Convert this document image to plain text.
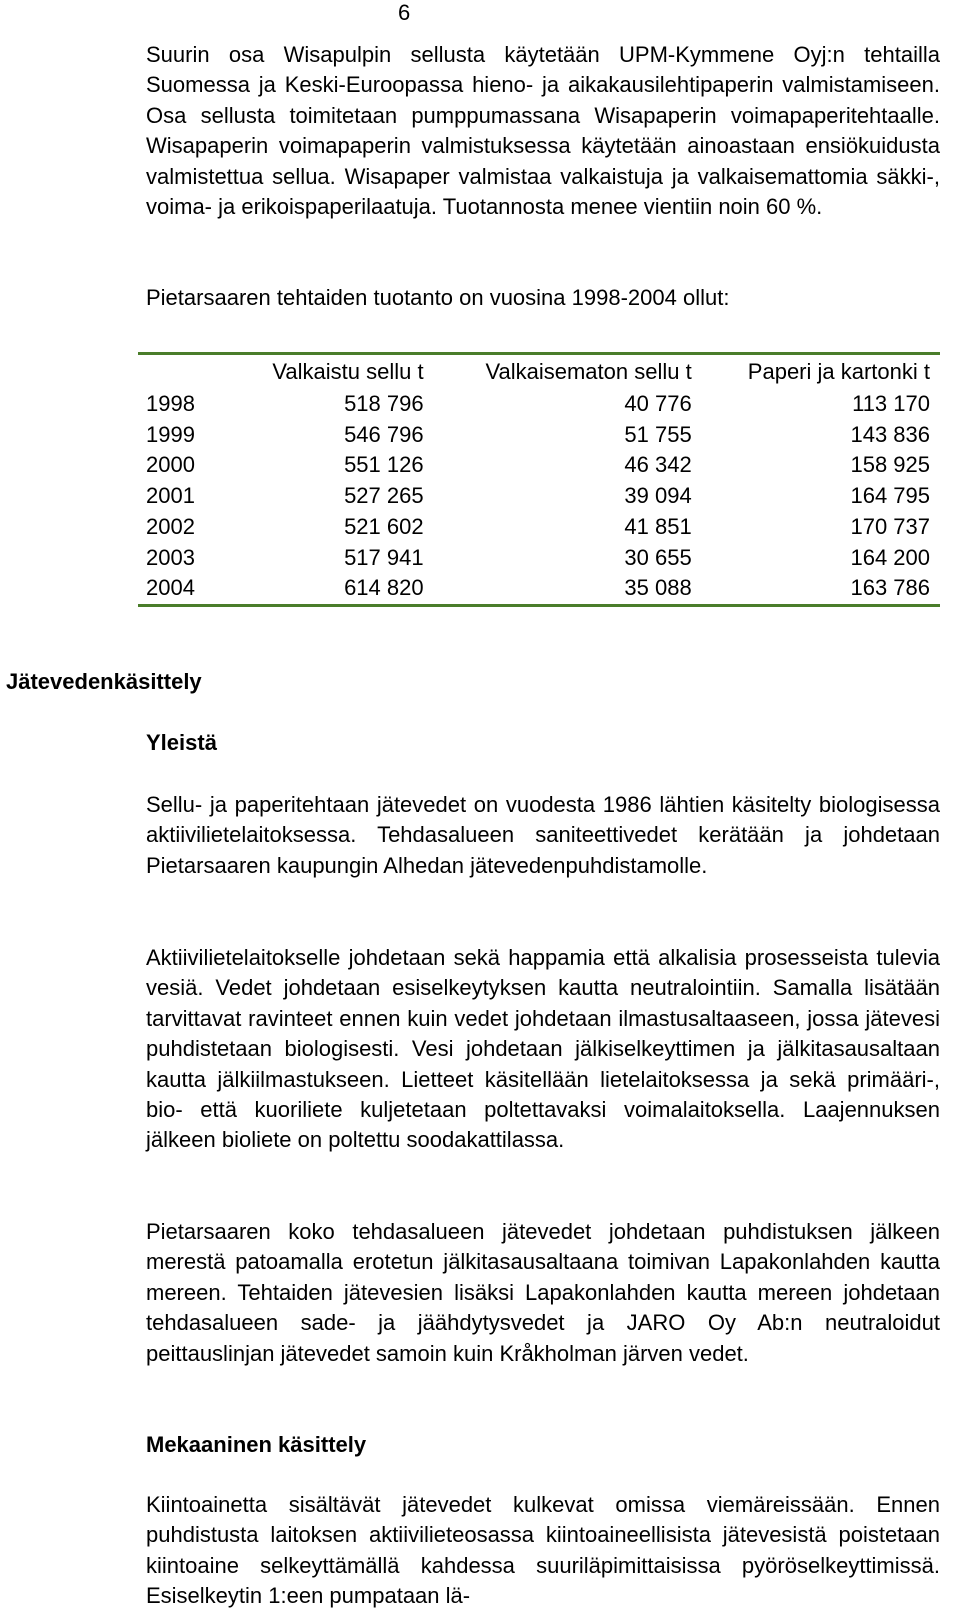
6

Suurin osa Wisapulpin sellusta käytetään UPM-Kymmene Oyj:n tehtailla Suomessa ja Keski-Euroopassa hieno- ja aikakausilehtipaperin valmistamiseen. Osa sellusta toimitetaan pumppumassana Wisapaperin voimapaperitehtaalle. Wisapaperin voimapaperin valmistuksessa käytetään ainoastaan ensiökuidusta valmistettua sellua. Wisapaper valmistaa valkaistuja ja valkaisemattomia säkki-, voima- ja erikoispaperilaatuja. Tuotannosta menee vientiin noin 60 %.

Pietarsaaren tehtaiden tuotanto on vuosina 1998-2004 ollut:

	Valkaistu sellu t	Valkaisematon sellu t	Paperi ja kartonki t
1998	518 796	40 776	113 170
1999	546 796	51 755	143 836
2000	551 126	46 342	158 925
2001	527 265	39 094	164 795
2002	521 602	41 851	170 737
2003	517 941	30 655	164 200
2004	614 820	35 088	163 786
Jätevedenkäsittely
Yleistä

Sellu- ja paperitehtaan jätevedet on vuodesta 1986 lähtien käsitelty biologisessa aktiivilietelaitoksessa. Tehdasalueen saniteettivedet kerätään ja johdetaan Pietarsaaren kaupungin Alhedan jätevedenpuhdistamolle.

Aktiivilietelaitokselle johdetaan sekä happamia että alkalisia prosesseista tulevia vesiä. Vedet johdetaan esiselkeytyksen kautta neutralointiin. Samalla lisätään tarvittavat ravinteet ennen kuin vedet johdetaan ilmastusaltaaseen, jossa jätevesi puhdistetaan biologisesti. Vesi johdetaan jälkiselkeyttimen ja jälkitasausaltaan kautta jälkiilmastukseen. Lietteet käsitellään lietelaitoksessa ja sekä primääri-, bio- että kuoriliete kuljetetaan poltettavaksi voimalaitoksella. Laajennuksen jälkeen bioliete on poltettu soodakattilassa.

Pietarsaaren koko tehdasalueen jätevedet johdetaan puhdistuksen jälkeen merestä patoamalla erotetun jälkitasausaltaana toimivan Lapakonlahden kautta mereen. Tehtaiden jätevesien lisäksi Lapakonlahden kautta mereen johdetaan tehdasalueen sade- ja jäähdytysvedet ja JARO Oy Ab:n neutraloidut peittauslinjan jätevedet samoin kuin Kråkholman järven vedet.

Mekaaninen käsittely

Kiintoainetta sisältävät jätevedet kulkevat omissa viemäreissään. Ennen puhdistusta laitoksen aktiivilieteosassa kiintoaineellisista jätevesistä poistetaan kiintoaine selkeyttämällä kahdessa suuriläpimittaisissa pyöröselkeyttimissä. Esiselkeytin 1:een pumpataan lä-
